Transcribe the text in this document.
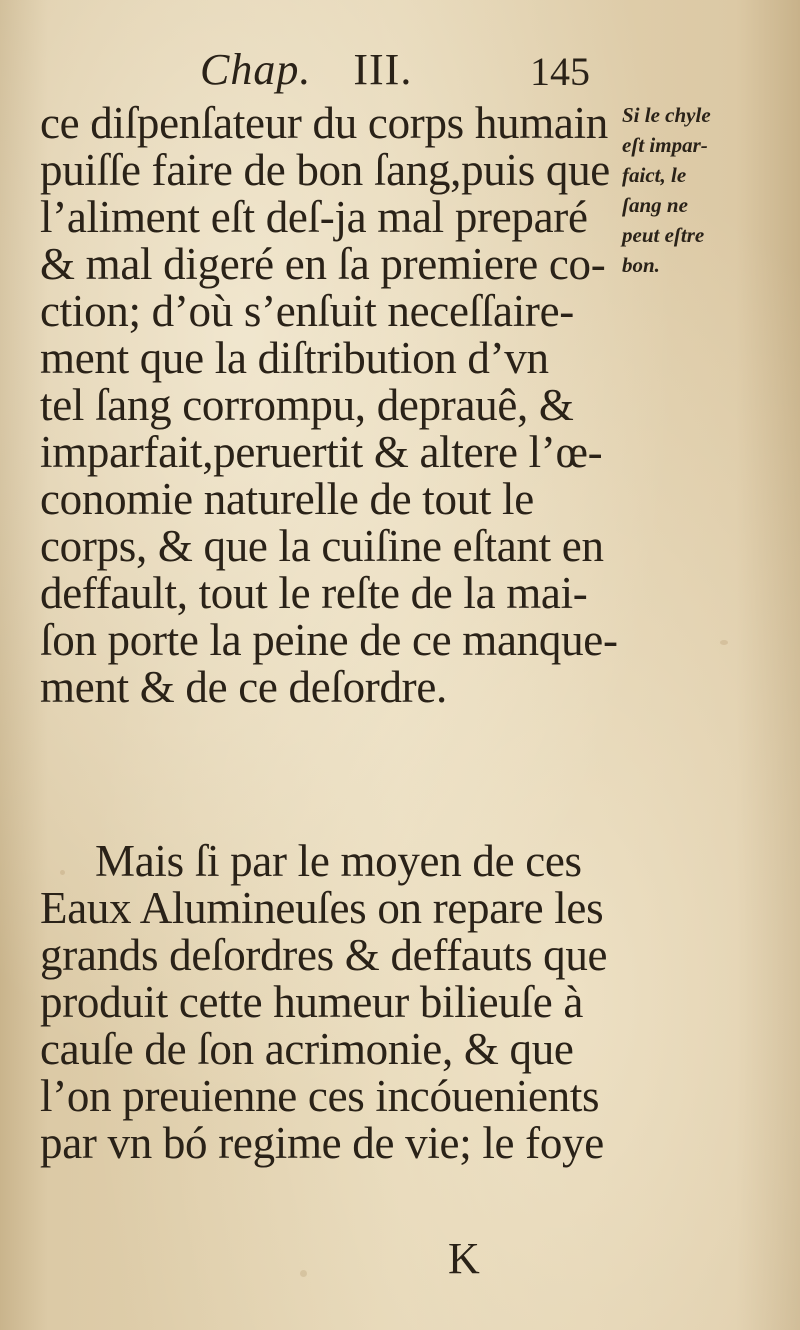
Chap. III.	145
ce diſpenſateur du corps humain
puiſſe faire de bon ſang,puis que
l’aliment eſt deſ-ja mal preparé
& mal digeré en ſa premiere co-
ction; d’où s’enſuit neceſſaire-
ment que la diſtribution d’vn
tel ſang corrompu, deprauê, &
imparfait,peruertit & altere l’œ-
conomie naturelle de tout le
corps, & que la cuiſine eſtant en
deffault, tout le reſte de la mai-
ſon porte la peine de ce manque-
ment & de ce deſordre.
Si le chyle
eſt impar-
faict, le
ſang ne
peut eſtre
bon.
Mais ſi par le moyen de ces
Eaux Alumineuſes on repare les
grands deſordres & deffauts que
produit cette humeur bilieuſe à
cauſe de ſon acrimonie, & que
l’on preuienne ces incóuenients
par vn bó regime de vie; le foye
K
